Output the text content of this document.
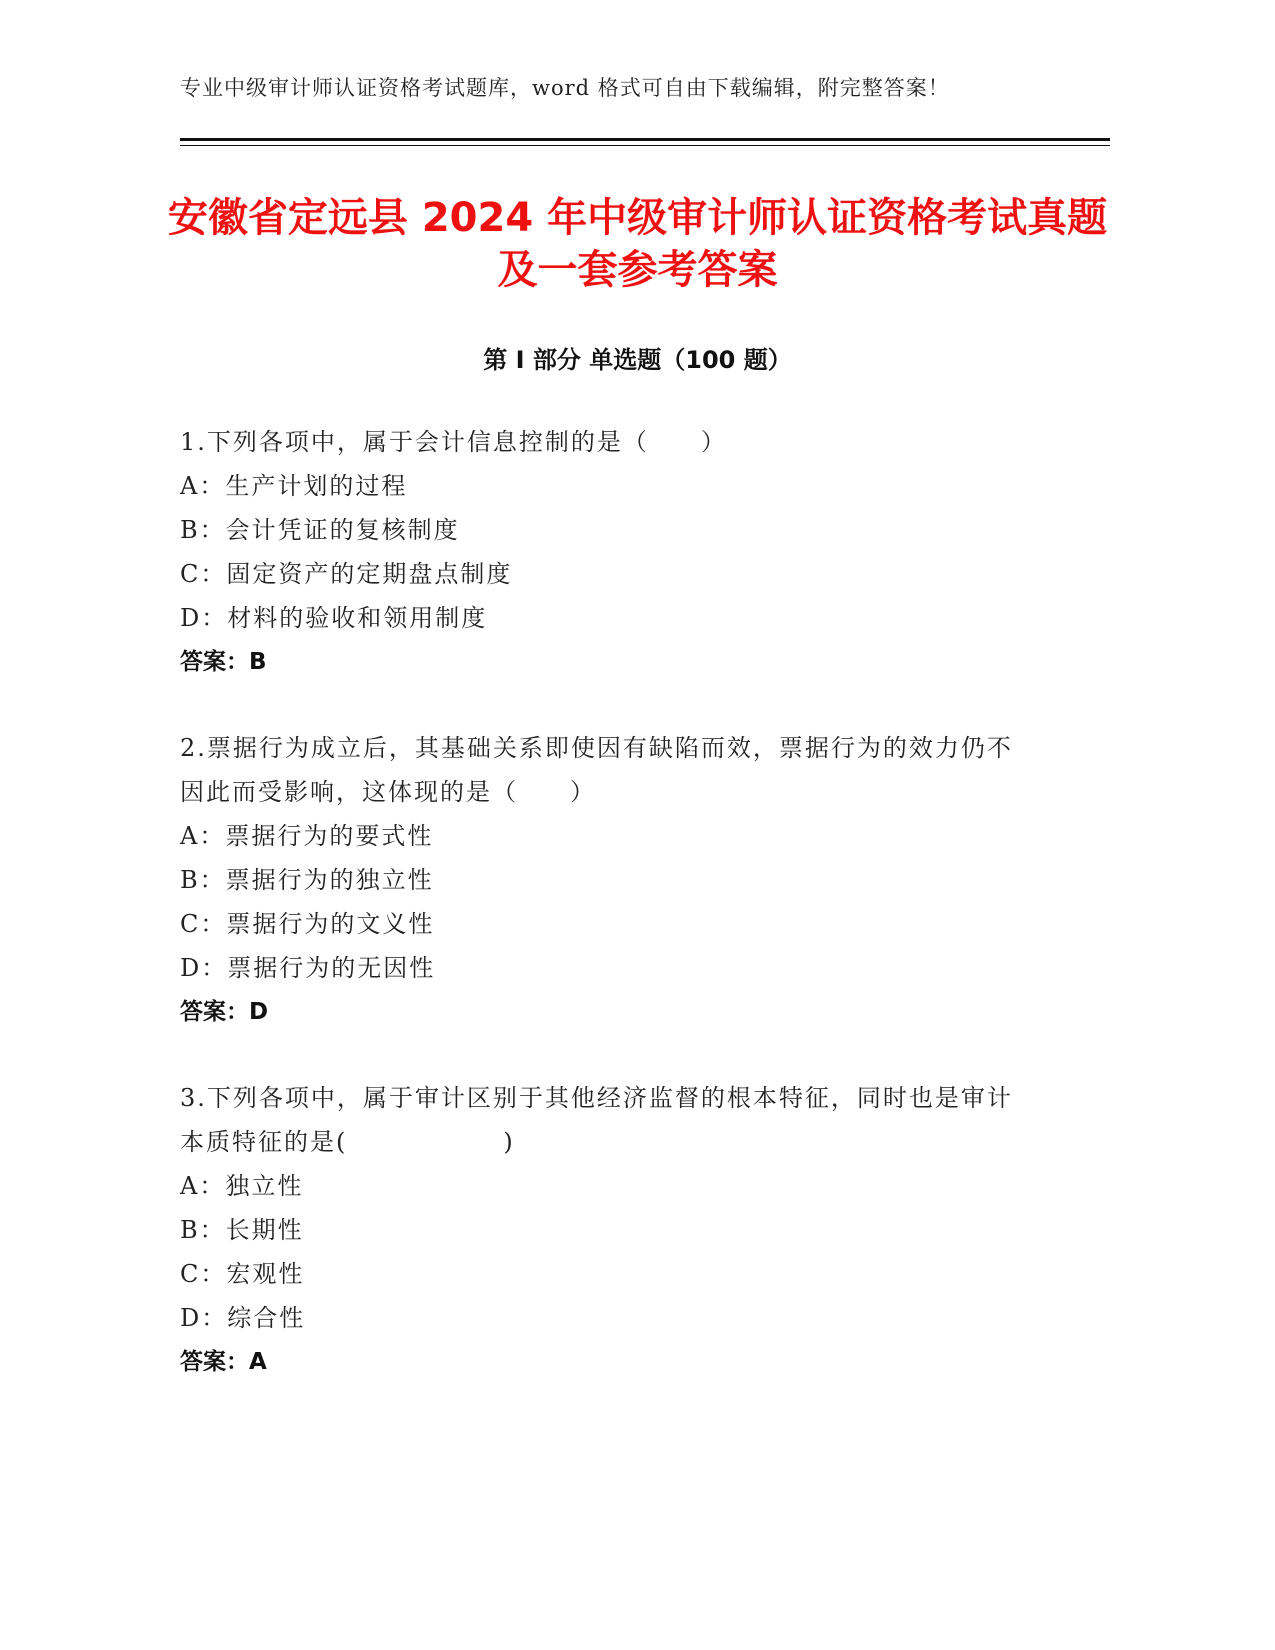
专业中级审计师认证资格考试题库，word 格式可自由下载编辑，附完整答案！
安徽省定远县 2024 年中级审计师认证资格考试真题及一套参考答案
第 I 部分 单选题（100 题）
1.下列各项中，属于会计信息控制的是（　　）
A：生产计划的过程
B：会计凭证的复核制度
C：固定资产的定期盘点制度
D：材料的验收和领用制度
答案：B
2.票据行为成立后，其基础关系即使因有缺陷而效，票据行为的效力仍不因此而受影响，这体现的是（　　）
A：票据行为的要式性
B：票据行为的独立性
C：票据行为的文义性
D：票据行为的无因性
答案：D
3.下列各项中，属于审计区别于其他经济监督的根本特征，同时也是审计本质特征的是(　　　　　　)
A：独立性
B：长期性
C：宏观性
D：综合性
答案：A
